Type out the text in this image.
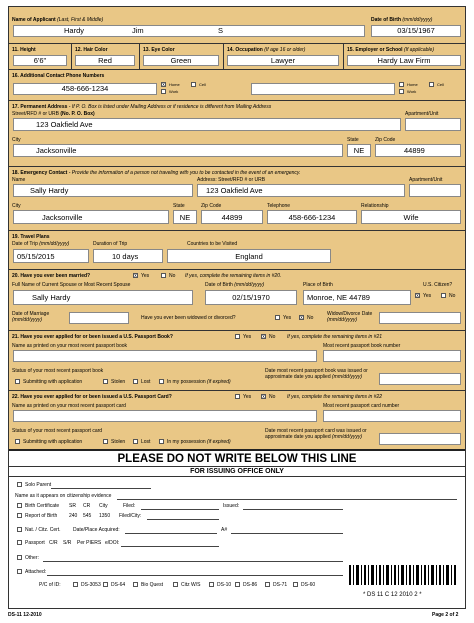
Name of Applicant (Last, First & Middle)	Date of Birth (mm/dd/yyyy)
Hardy	Jim	S	03/15/1967
11. Height	12. Hair Color	13. Eye Color	14. Occupation (If age 16 or older)	15. Employer or School (If applicable)
6'6"	Red	Green	Lawyer	Hardy Law Firm
16. Additional Contact Phone Numbers
458-666-1234	x	Home
Work
Cell	Home
Work
Cell
17. Permanent Address - If P. O. Box is listed under Mailing Address or if residence is different from Mailing Address
Street/RFD # or URB (No. P. O. Box)	Apartment/Unit
123 Oakfield Ave
City	State	Zip Code
Jacksonville	NE	44899
18. Emergency Contact - Provide the information of a person not traveling with you to be contacted in the event of an emergency.
Name	Address: Street/RFD # or URB	Apartment/Unit
Sally Hardy	123 Oakfield Ave
City	State	Zip Code	Telephone	Relationship
Jacksonville	NE	44899	458-666-1234	Wife
19. Travel Plans
Date of Trip (mm/dd/yyyy)	Duration of Trip	Countries to be Visited
05/15/2015	10 days	England
20. Have you ever been married?	x Yes	No If yes, complete the remaining items in #20.
Full Name of Current Spouse or Most Recent Spouse	Date of Birth (mm/dd/yyyy)	Place of Birth	U.S. Citizen?
Sally Hardy	02/15/1970	Monroe, NE 44789	x Yes	No
Date of Marriage
(mm/dd/yyyy)	Have you ever been widowed or divorced?	Yes x No
Widow/Divorce Date
(mm/dd/yyyy)
21. Have you ever applied for or been issued a U.S. Passport Book?	Yes x No If yes, complete the remaining items in #21
Name as printed on your most recent passport book	Most recent passport book number
Status of your most recent passport book	Date most recent passport book was issued or approximate date you applied (mm/dd/yyyy)
Submitting with application	Stolen	Lost	In my possession (if expired)
22. Have you ever applied for or been issued a U.S. Passport Card?	Yes x No If yes, complete the remaining items in #22
Name as printed on your most recent passport card	Most recent passport card number
Status of your most recent passport card	Date most recent passport card was issued or approximate date you applied (mm/dd/yyyy)
Submitting with application	Stolen	Lost	In my possession (if expired)
PLEASE DO NOT WRITE BELOW THIS LINE
FOR ISSUING OFFICE ONLY
Solo Parent
Name as it appears on citizenship evidence
Birth Certificate SR CR City	Filed:	Issued:
Report of Birth 240 545 1350 Filed/City:
Nat. / Citz. Cert. Date/Place Acquired:	A#
Passport C/R S/R Per PIERS e/DOI:
Other:
Attached:
P/C of ID:	DS-3053 DS-64	Bio Quest	Citz W/S	DS-10 DS-86	DS-71	DS-60
* DS 11 C 12 2010 2 *
DS-11 12-2010	Page 2 of 2
